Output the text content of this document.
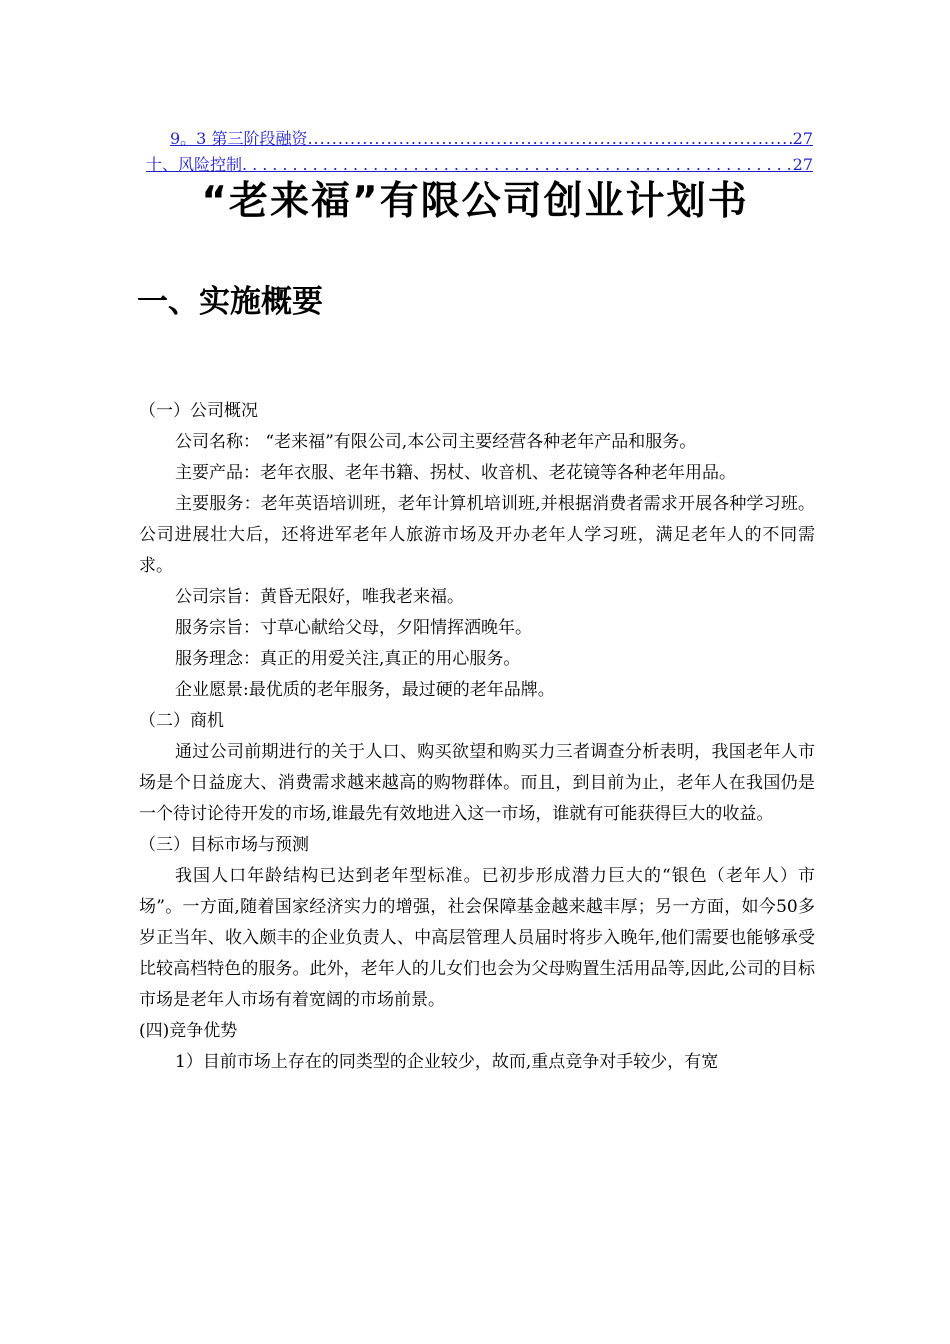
9。3 第三阶段融资 .....	27
十、风险控制 .....	27
“老来福”有限公司创业计划书
一、实施概要

（一）公司概况

公司名称： “老来福”有限公司,本公司主要经营各种老年产品和服务。

主要产品：老年衣服、老年书籍、拐杖、收音机、老花镜等各种老年用品。

主要服务：老年英语培训班，老年计算机培训班,并根据消费者需求开展各种学习班。公司进展壮大后，还将进军老年人旅游市场及开办老年人学习班，满足老年人的不同需求。

公司宗旨：黄昏无限好，唯我老来福。

服务宗旨：寸草心献给父母，夕阳情挥洒晚年。

服务理念：真正的用爱关注,真正的用心服务。

企业愿景:最优质的老年服务，最过硬的老年品牌。

（二）商机

通过公司前期进行的关于人口、购买欲望和购买力三者调查分析表明，我国老年人市场是个日益庞大、消费需求越来越高的购物群体。而且，到目前为止，老年人在我国仍是一个待讨论待开发的市场,谁最先有效地进入这一市场，谁就有可能获得巨大的收益。

（三）目标市场与预测

我国人口年龄结构已达到老年型标准。已初步形成潜力巨大的“银色（老年人）市场”。一方面,随着国家经济实力的增强，社会保障基金越来越丰厚；另一方面，如今50多岁正当年、收入颇丰的企业负责人、中高层管理人员届时将步入晚年,他们需要也能够承受比较高档特色的服务。此外，老年人的儿女们也会为父母购置生活用品等,因此,公司的目标市场是老年人市场有着宽阔的市场前景。

(四)竞争优势

1）目前市场上存在的同类型的企业较少，故而,重点竞争对手较少，有宽
